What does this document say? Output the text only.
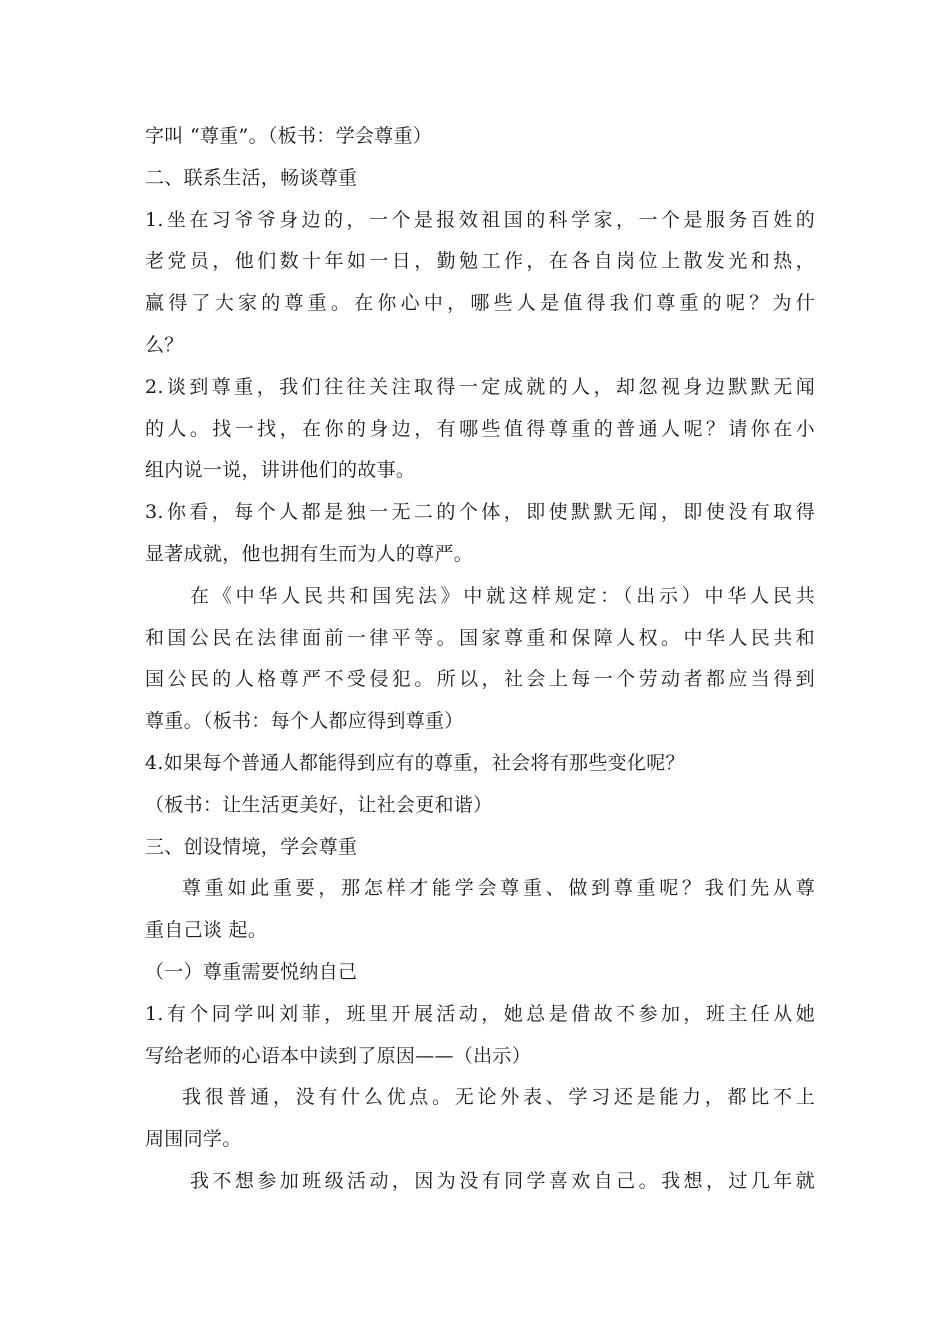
字叫 “尊重”。（板书：学会尊重）
二、联系生活，畅谈尊重
1.坐在习爷爷身边的，一个是报效祖国的科学家，一个是服务百姓的
老党员，他们数十年如一日，勤勉工作，在各自岗位上散发光和热，
赢得了大家的尊重。在你心中，哪些人是值得我们尊重的呢？为什
么？
2.谈到尊重，我们往往关注取得一定成就的人，却忽视身边默默无闻
的人。找一找，在你的身边，有哪些值得尊重的普通人呢？请你在小
组内说一说，讲讲他们的故事。
3.你看，每个人都是独一无二的个体，即使默默无闻，即使没有取得
显著成就，他也拥有生而为人的尊严。
在《中华人民共和国宪法》中就这样规定：（出示）中华人民共
和国公民在法律面前一律平等。国家尊重和保障人权。中华人民共和
国公民的人格尊严不受侵犯。所以，社会上每一个劳动者都应当得到
尊重。（板书：每个人都应得到尊重）
4.如果每个普通人都能得到应有的尊重，社会将有那些变化呢？
（板书：让生活更美好，让社会更和谐）
三、创设情境，学会尊重
尊重如此重要，那怎样才能学会尊重、做到尊重呢？我们先从尊
重自己谈 起。
（一）尊重需要悦纳自己
1.有个同学叫刘菲，班里开展活动，她总是借故不参加，班主任从她
写给老师的心语本中读到了原因——（出示）
我很普通，没有什么优点。无论外表、学习还是能力，都比不上
周围同学。
我不想参加班级活动，因为没有同学喜欢自己。我想，过几年就
